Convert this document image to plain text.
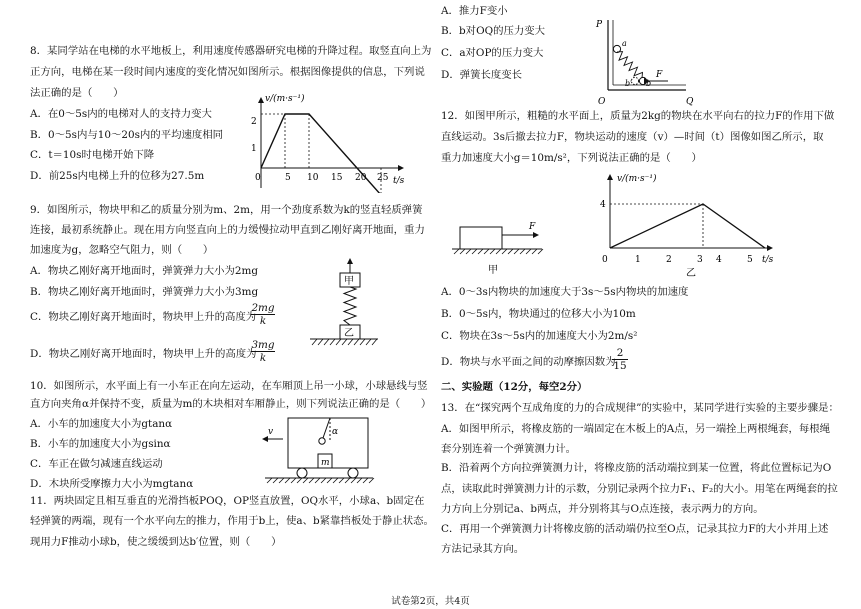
8．某同学站在电梯的水平地板上，利用速度传感器研究电梯的升降过程。取竖直向上为
正方向，电梯在某一段时间内速度的变化情况如图所示。根据图像提供的信息，下列说
法正确的是（　　）
A．在0～5s内的电梯对人的支持力变大
B．0～5s内与10～20s内的平均速度相同
C．t＝10s时电梯开始下降
D．前25s内电梯上升的位移为27.5m
v/(m·s⁻¹)
t/s
1
2
0	5 10 15 20 25
9．如图所示，物块甲和乙的质量分别为m、2m，用一个劲度系数为k的竖直轻质弹簧
连接，最初系统静止。现在用方向竖直向上的力缓慢拉动甲直到乙刚好离开地面，重力
加速度为g，忽略空气阻力，则（　　）
A．物块乙刚好离开地面时，弹簧弹力大小为2mg
B．物块乙刚好离开地面时，弹簧弹力大小为3mg
C．物块乙刚好离开地面时，物块甲上升的高度为
$\frac{2mg}{k}$
D．物块乙刚好离开地面时，物块甲上升的高度为
$\frac{3mg}{k}$
甲
乙
10．如图所示，水平面上有一小车正在向左运动，在车厢顶上吊一小球，小球悬线与竖
直方向夹角α并保持不变，质量为m的木块相对车厢静止，则下列说法正确的是（　　）
A．小车的加速度大小为gtanα
B．小车的加速度大小为gsinα
C．车正在做匀减速直线运动
D．木块所受摩擦力大小为mgtanα
v	α
m
11．两块固定且相互垂直的光滑挡板POQ，OP竖直放置，OQ水平，小球a、b固定在
轻弹簧的两端，现有一个水平向左的推力，作用于b上，使a、b紧靠挡板处于静止状态。
现用力F推动小球b，使之缓缓到达b′位置，则（　　）
A．推力F变小
B．b对OQ的压力变大
C．a对OP的压力变大
D．弹簧长度变长
P
O	Q
a
b′ b
F
12．如图甲所示，粗糙的水平面上，质量为2kg的物块在水平向右的拉力F的作用下做
直线运动。3s后撤去拉力F，物块运动的速度（v）—时间（t）图像如图乙所示，取
重力加速度大小g＝10m/s²，下列说法正确的是（　　）
F
甲
v/(m·s⁻¹)
t/s
4
0	1	2	3 4	5
乙
A．0～3s内物块的加速度大于3s～5s内物块的加速度
B．0～5s内，物块通过的位移大小为10m
C．物块在3s～5s内的加速度大小为2m/s²
D．物块与水平面之间的动摩擦因数为
$\frac{2}{15}$
二、实验题（12分，每空2分）
13．在“探究两个互成角度的力的合成规律”的实验中，某同学进行实验的主要步骤是：
A．如图甲所示，将橡皮筋的一端固定在木板上的A点，另一端拴上两根绳套，每根绳
套分别连着一个弹簧测力计。
B．沿着两个方向拉弹簧测力计，将橡皮筋的活动端拉到某一位置，将此位置标记为O
点，读取此时弹簧测力计的示数，分别记录两个拉力F₁、F₂的大小。用笔在两绳套的拉
力方向上分别记a、b两点，并分别将其与O点连接，表示两力的方向。
C．再用一个弹簧测力计将橡皮筋的活动端仍拉至O点，记录其拉力F的大小并用上述
方法记录其方向。
试卷第2页，共4页
